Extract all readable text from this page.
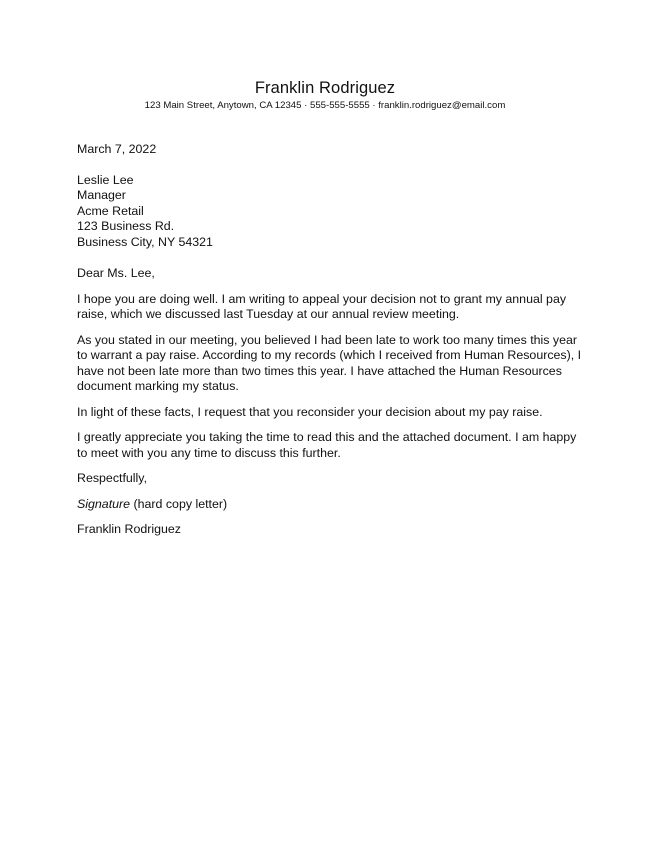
Franklin Rodriguez
123 Main Street, Anytown, CA 12345 · 555-555-5555 · franklin.rodriguez@email.com

March 7, 2022

Leslie Lee

Manager

Acme Retail

123 Business Rd.

Business City, NY 54321

Dear Ms. Lee,

I hope you are doing well. I am writing to appeal your decision not to grant my annual pay raise, which we discussed last Tuesday at our annual review meeting.

As you stated in our meeting, you believed I had been late to work too many times this year to warrant a pay raise. According to my records (which I received from Human Resources), I have not been late more than two times this year. I have attached the Human Resources document marking my status.

In light of these facts, I request that you reconsider your decision about my pay raise.

I greatly appreciate you taking the time to read this and the attached document. I am happy to meet with you any time to discuss this further.

Respectfully,

Signature (hard copy letter)

Franklin Rodriguez
